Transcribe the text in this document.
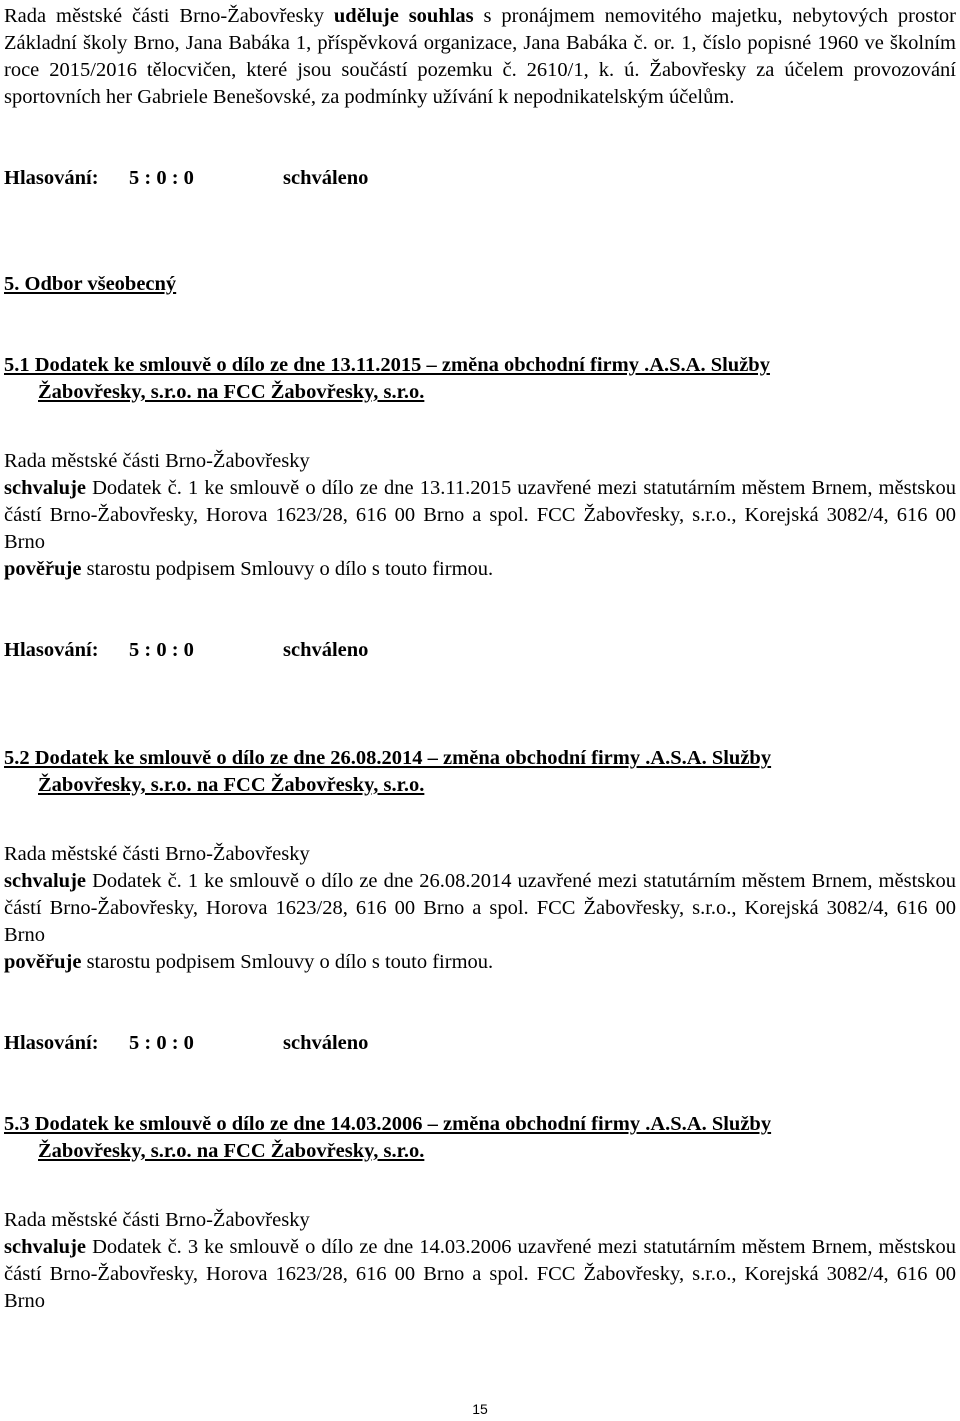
Rada městské části Brno-Žabovřesky uděluje souhlas s pronájmem nemovitého majetku, nebytových prostor Základní školy Brno, Jana Babáka 1, příspěvková organizace, Jana Babáka č. or. 1, číslo popisné 1960 ve školním roce 2015/2016 tělocvičen, které jsou součástí pozemku č. 2610/1, k. ú. Žabovřesky za účelem provozování sportovních her Gabriele Benešovské, za podmínky užívání k nepodnikatelským účelům.

Hlasování: 5 : 0 : 0	schváleno

5. Odbor všeobecný

5.1 Dodatek ke smlouvě o dílo ze dne 13.11.2015 – změna obchodní firmy .A.S.A. Služby
Žabovřesky, s.r.o. na FCC Žabovřesky, s.r.o.

Rada městské části Brno-Žabovřesky

schvaluje Dodatek č. 1 ke smlouvě o dílo ze dne 13.11.2015 uzavřené mezi statutárním městem Brnem, městskou částí Brno-Žabovřesky, Horova 1623/28, 616 00 Brno a spol. FCC Žabovřesky, s.r.o., Korejská 3082/4, 616 00 Brno

pověřuje starostu podpisem Smlouvy o dílo s touto firmou.

Hlasování: 5 : 0 : 0	schváleno

5.2 Dodatek ke smlouvě o dílo ze dne 26.08.2014 – změna obchodní firmy .A.S.A. Služby
Žabovřesky, s.r.o. na FCC Žabovřesky, s.r.o.

Rada městské části Brno-Žabovřesky

schvaluje Dodatek č. 1 ke smlouvě o dílo ze dne 26.08.2014 uzavřené mezi statutárním městem Brnem, městskou částí Brno-Žabovřesky, Horova 1623/28, 616 00 Brno a spol. FCC Žabovřesky, s.r.o., Korejská 3082/4, 616 00 Brno

pověřuje starostu podpisem Smlouvy o dílo s touto firmou.

Hlasování: 5 : 0 : 0	schváleno

5.3 Dodatek ke smlouvě o dílo ze dne 14.03.2006 – změna obchodní firmy .A.S.A. Služby
Žabovřesky, s.r.o. na FCC Žabovřesky, s.r.o.

Rada městské části Brno-Žabovřesky

schvaluje Dodatek č. 3 ke smlouvě o dílo ze dne 14.03.2006 uzavřené mezi statutárním městem Brnem, městskou částí Brno-Žabovřesky, Horova 1623/28, 616 00 Brno a spol. FCC Žabovřesky, s.r.o., Korejská 3082/4, 616 00 Brno

15
